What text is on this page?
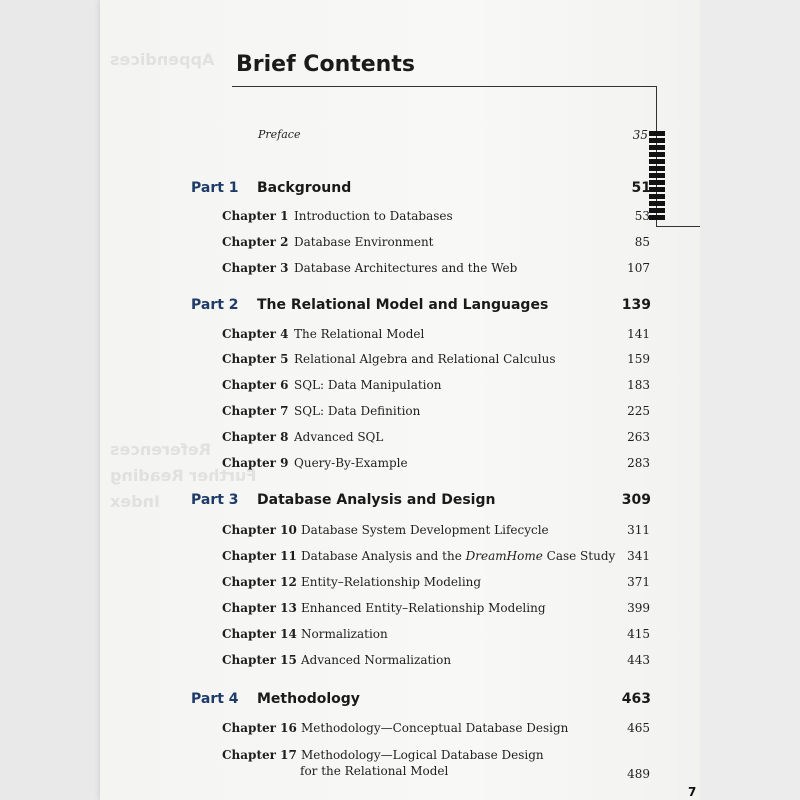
Brief Contents
Preface	35
Part 1 Background	51
Chapter 1 Introduction to Databases	53
Chapter 2 Database Environment	85
Chapter 3 Database Architectures and the Web	107
Part 2 The Relational Model and Languages	139
Chapter 4 The Relational Model	141
Chapter 5 Relational Algebra and Relational Calculus	159
Chapter 6 SQL: Data Manipulation	183
Chapter 7 SQL: Data Definition	225
Chapter 8 Advanced SQL	263
Chapter 9 Query-By-Example	283
Part 3 Database Analysis and Design	309
Chapter 10 Database System Development Lifecycle	311
Chapter 11 Database Analysis and the DreamHome Case Study 341
Chapter 12 Entity–Relationship Modeling	371
Chapter 13 Enhanced Entity–Relationship Modeling	399
Chapter 14 Normalization	415
Chapter 15 Advanced Normalization	443
Part 4 Methodology	463
Chapter 16 Methodology—Conceptual Database Design	465
Chapter 17 Methodology—Logical Database Design
for the Relational Model	489
7
